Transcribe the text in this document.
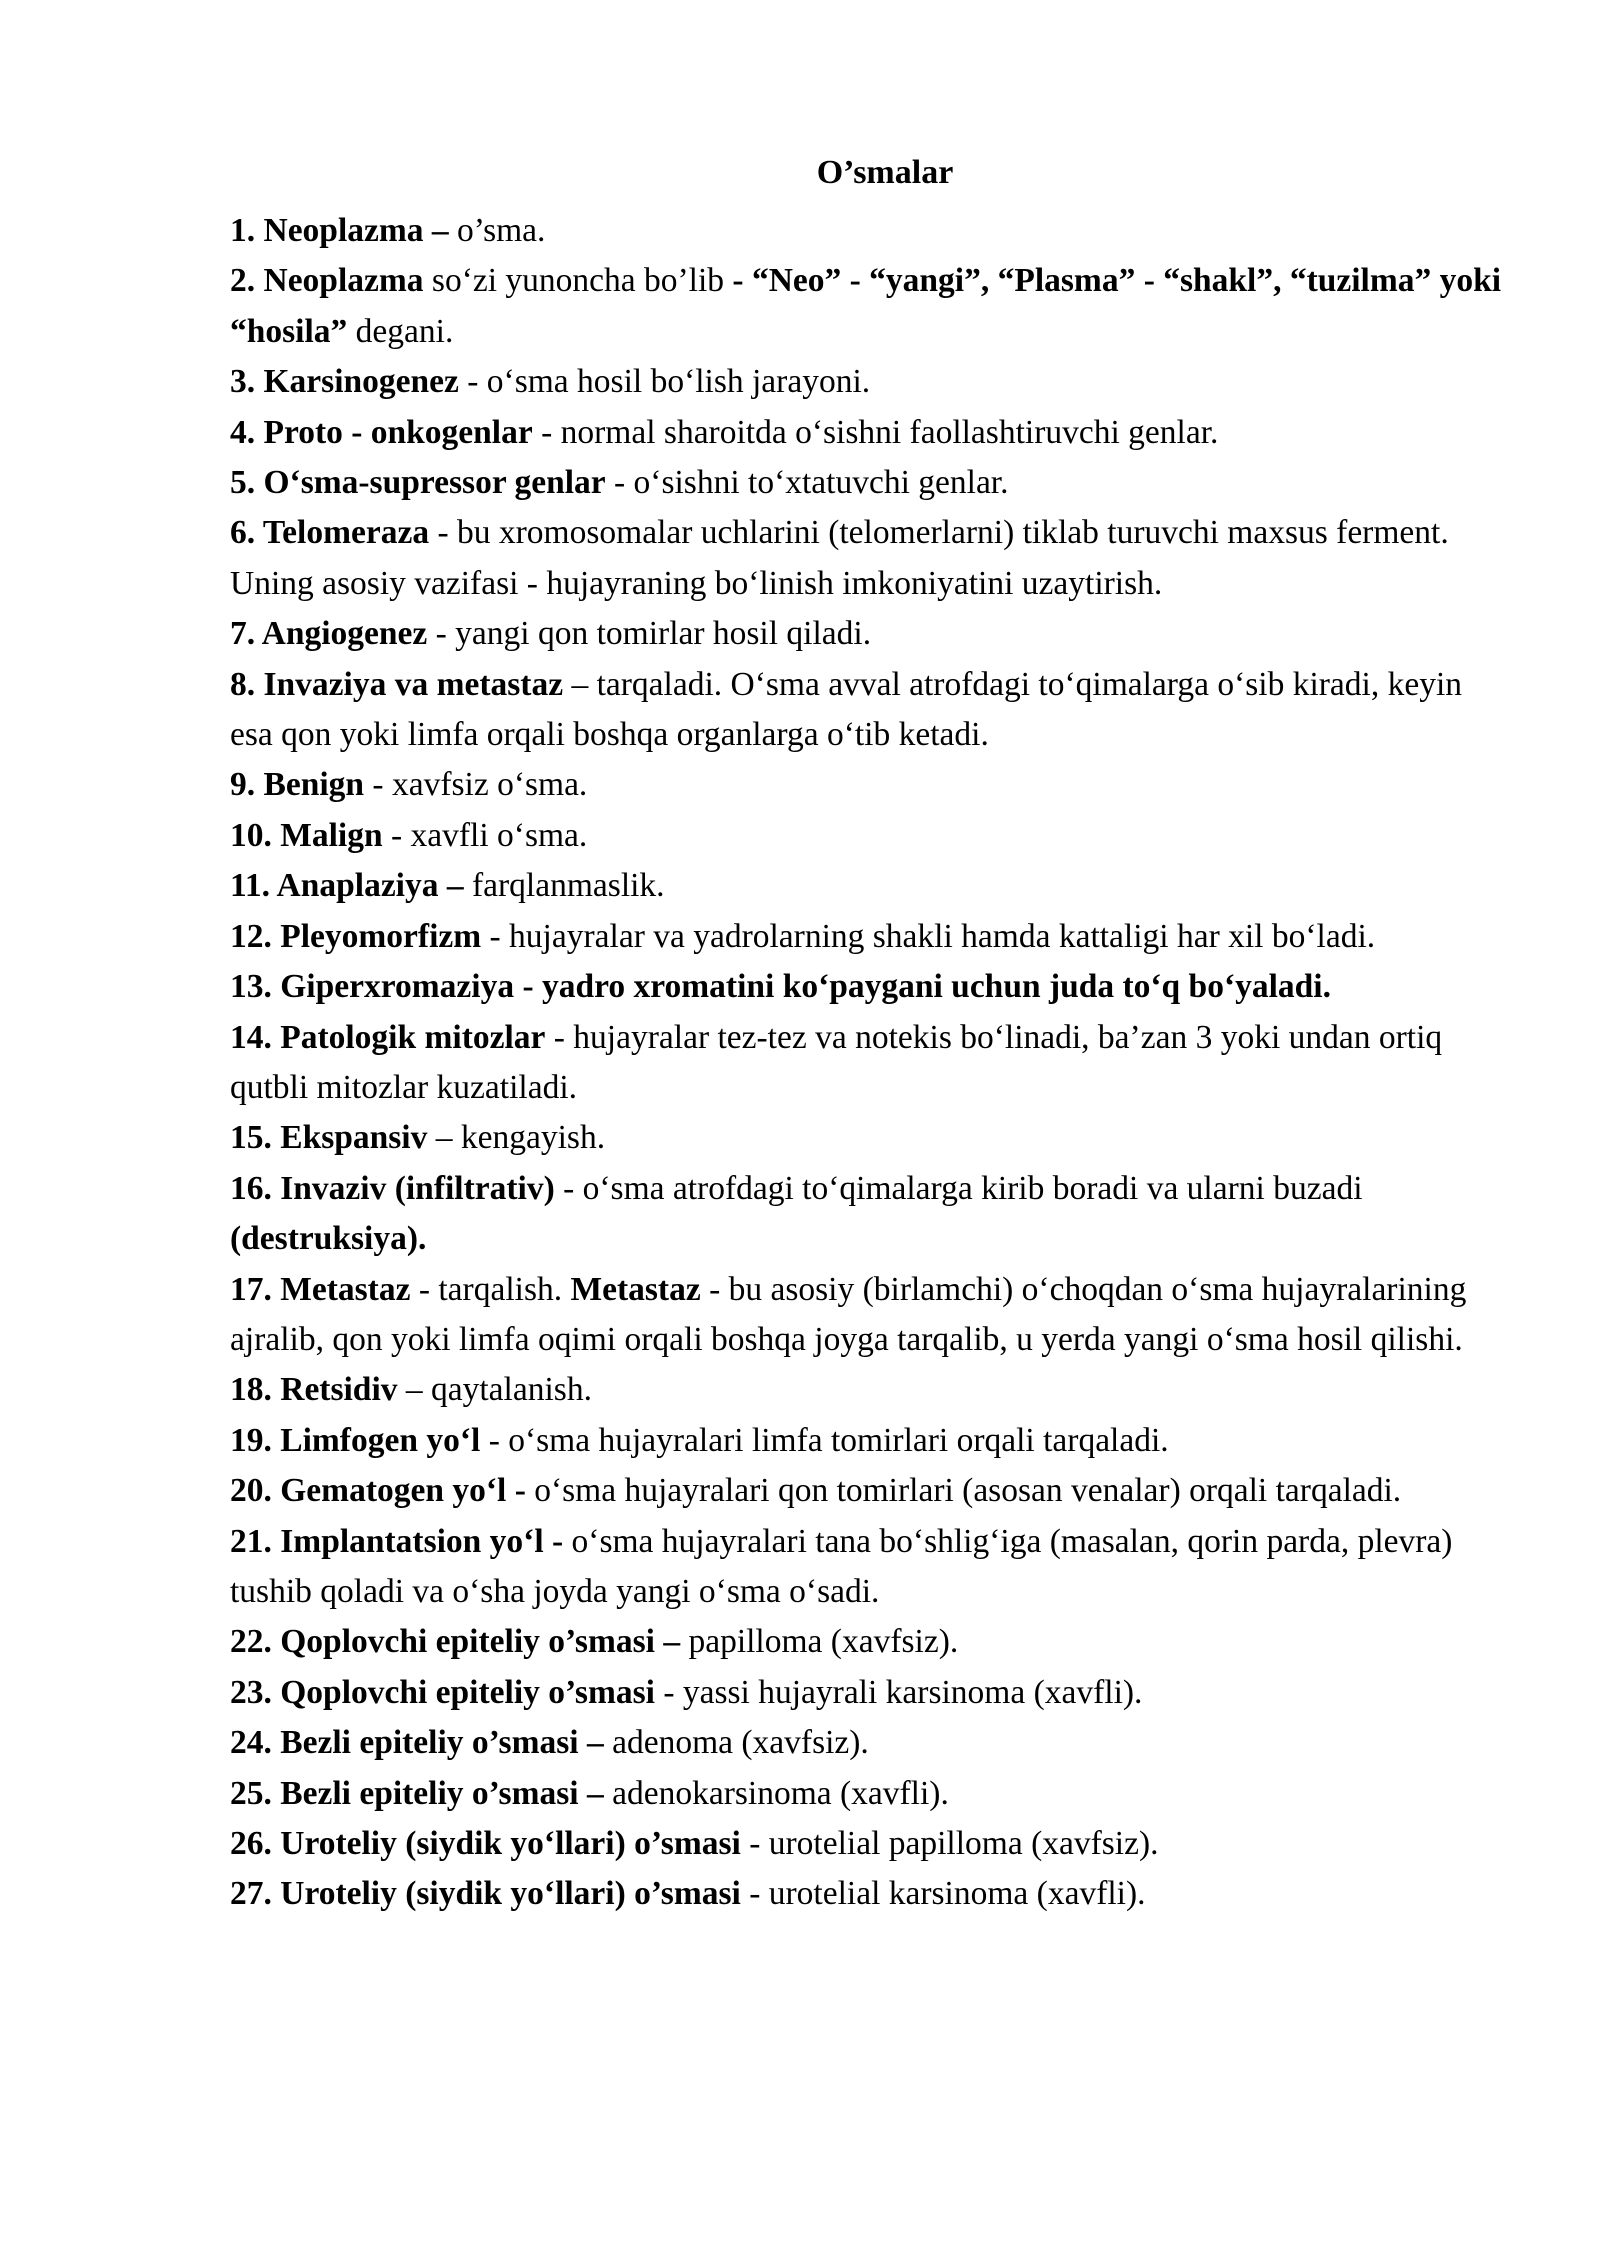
O’smalar

1. Neoplazma – o’sma.

2. Neoplazma so‘zi yunoncha bo’lib - “Neo” - “yangi”, “Plasma” - “shakl”, “tuzilma” yoki “hosila” degani.

3. Karsinogenez - o‘sma hosil bo‘lish jarayoni.

4. Proto - onkogenlar - normal sharoitda o‘sishni faollashtiruvchi genlar.

5. O‘sma-supressor genlar - o‘sishni to‘xtatuvchi genlar.

6. Telomeraza - bu xromosomalar uchlarini (telomerlarni) tiklab turuvchi maxsus ferment. Uning asosiy vazifasi - hujayraning bo‘linish imkoniyatini uzaytirish.

7. Angiogenez - yangi qon tomirlar hosil qiladi.

8. Invaziya va metastaz – tarqaladi. O‘sma avval atrofdagi to‘qimalarga o‘sib kiradi, keyin esa qon yoki limfa orqali boshqa organlarga o‘tib ketadi.

9. Benign - xavfsiz o‘sma.

10. Malign - xavfli o‘sma.

11. Anaplaziya – farqlanmaslik.

12. Pleyomorfizm - hujayralar va yadrolarning shakli hamda kattaligi har xil bo‘ladi.

13. Giperxromaziya - yadro xromatini ko‘paygani uchun juda to‘q bo‘yaladi.

14. Patologik mitozlar - hujayralar tez-tez va notekis bo‘linadi, ba’zan 3 yoki undan ortiq qutbli mitozlar kuzatiladi.

15. Ekspansiv – kengayish.

16. Invaziv (infiltrativ) - o‘sma atrofdagi to‘qimalarga kirib boradi va ularni buzadi (destruksiya).

17. Metastaz - tarqalish. Metastaz - bu asosiy (birlamchi) o‘choqdan o‘sma hujayralarining ajralib, qon yoki limfa oqimi orqali boshqa joyga tarqalib, u yerda yangi o‘sma hosil qilishi.

18. Retsidiv – qaytalanish.

19. Limfogen yo‘l - o‘sma hujayralari limfa tomirlari orqali tarqaladi.

20. Gematogen yo‘l - o‘sma hujayralari qon tomirlari (asosan venalar) orqali tarqaladi.

21. Implantatsion yo‘l - o‘sma hujayralari tana bo‘shlig‘iga (masalan, qorin parda, plevra) tushib qoladi va o‘sha joyda yangi o‘sma o‘sadi.

22. Qoplovchi epiteliy o’smasi – papilloma (xavfsiz).

23. Qoplovchi epiteliy o’smasi - yassi hujayrali karsinoma (xavfli).

24. Bezli epiteliy o’smasi – adenoma (xavfsiz).

25. Bezli epiteliy o’smasi – adenokarsinoma (xavfli).

26. Uroteliy (siydik yo‘llari) o’smasi - urotelial papilloma (xavfsiz).

27. Uroteliy (siydik yo‘llari) o’smasi - urotelial karsinoma (xavfli).
